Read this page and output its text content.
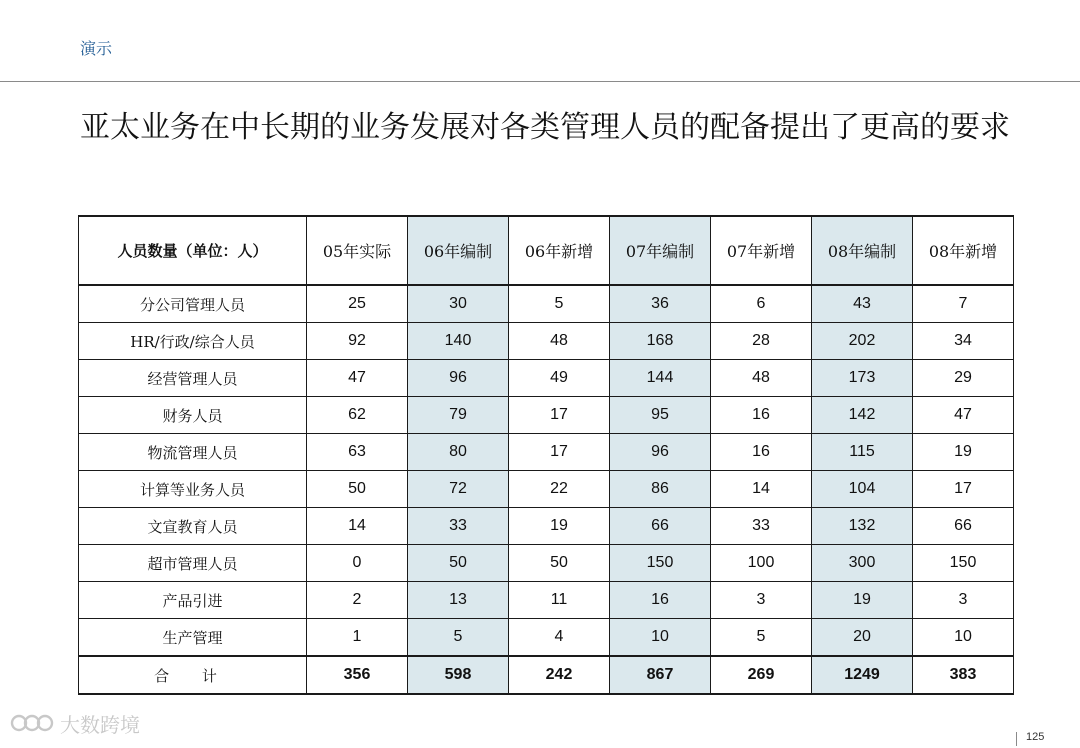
演示
亚太业务在中长期的业务发展对各类管理人员的配备提出了更高的要求
人员数量（单位：人）	05年实际	06年编制	06年新增	07年编制	07年新增	08年编制	08年新增
分公司管理人员	25	30	5	36	6	43	7
HR/行政/综合人员	92	140	48	168	28	202	34
经营管理人员	47	96	49	144	48	173	29
财务人员	62	79	17	95	16	142	47
物流管理人员	63	80	17	96	16	115	19
计算等业务人员	50	72	22	86	14	104	17
文宣教育人员	14	33	19	66	33	132	66
超市管理人员	0	50	50	150	100	300	150
产品引进	2	13	11	16	3	19	3
生产管理	1	5	4	10	5	20	10
合 计	356	598	242	867	269	1249	383
大数跨境
125
